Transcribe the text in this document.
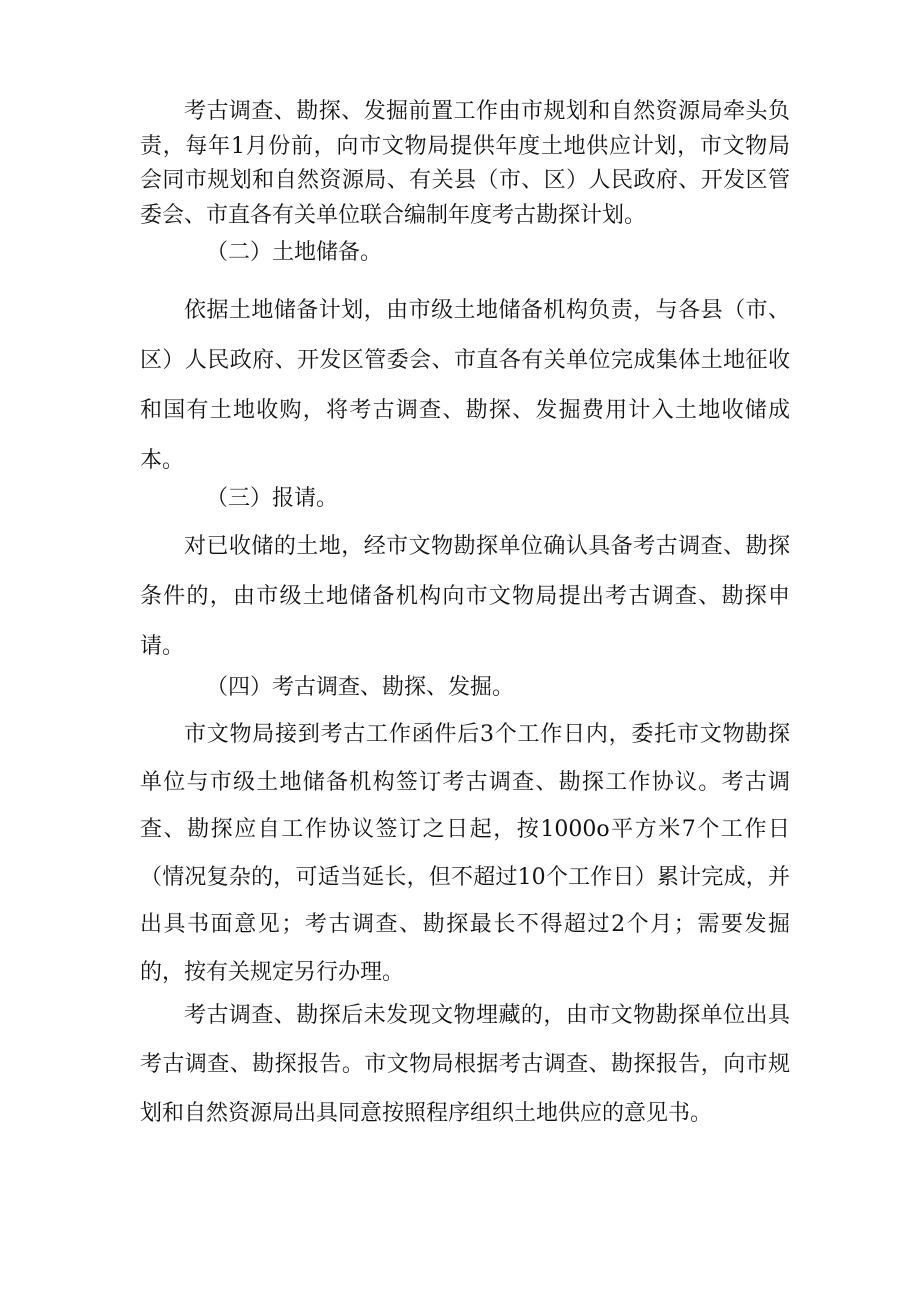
考古调查、勘探、发掘前置工作由市规划和自然资源局牵头负责，每年1月份前，向市文物局提供年度土地供应计划，市文物局会同市规划和自然资源局、有关县（市、区）人民政府、开发区管委会、市直各有关单位联合编制年度考古勘探计划。

（二）土地储备。

依据土地储备计划，由市级土地储备机构负责，与各县（市、区）人民政府、开发区管委会、市直各有关单位完成集体土地征收和国有土地收购，将考古调查、勘探、发掘费用计入土地收储成本。

（三）报请。

对已收储的土地，经市文物勘探单位确认具备考古调查、勘探条件的，由市级土地储备机构向市文物局提出考古调查、勘探申请。

（四）考古调查、勘探、发掘。

市文物局接到考古工作函件后3个工作日内，委托市文物勘探单位与市级土地储备机构签订考古调查、勘探工作协议。考古调查、勘探应自工作协议签订之日起，按1000o平方米7个工作日（情况复杂的，可适当延长，但不超过10个工作日）累计完成，并出具书面意见；考古调查、勘探最长不得超过2个月；需要发掘的，按有关规定另行办理。

考古调查、勘探后未发现文物埋藏的，由市文物勘探单位出具考古调查、勘探报告。市文物局根据考古调查、勘探报告，向市规划和自然资源局出具同意按照程序组织土地供应的意见书。
